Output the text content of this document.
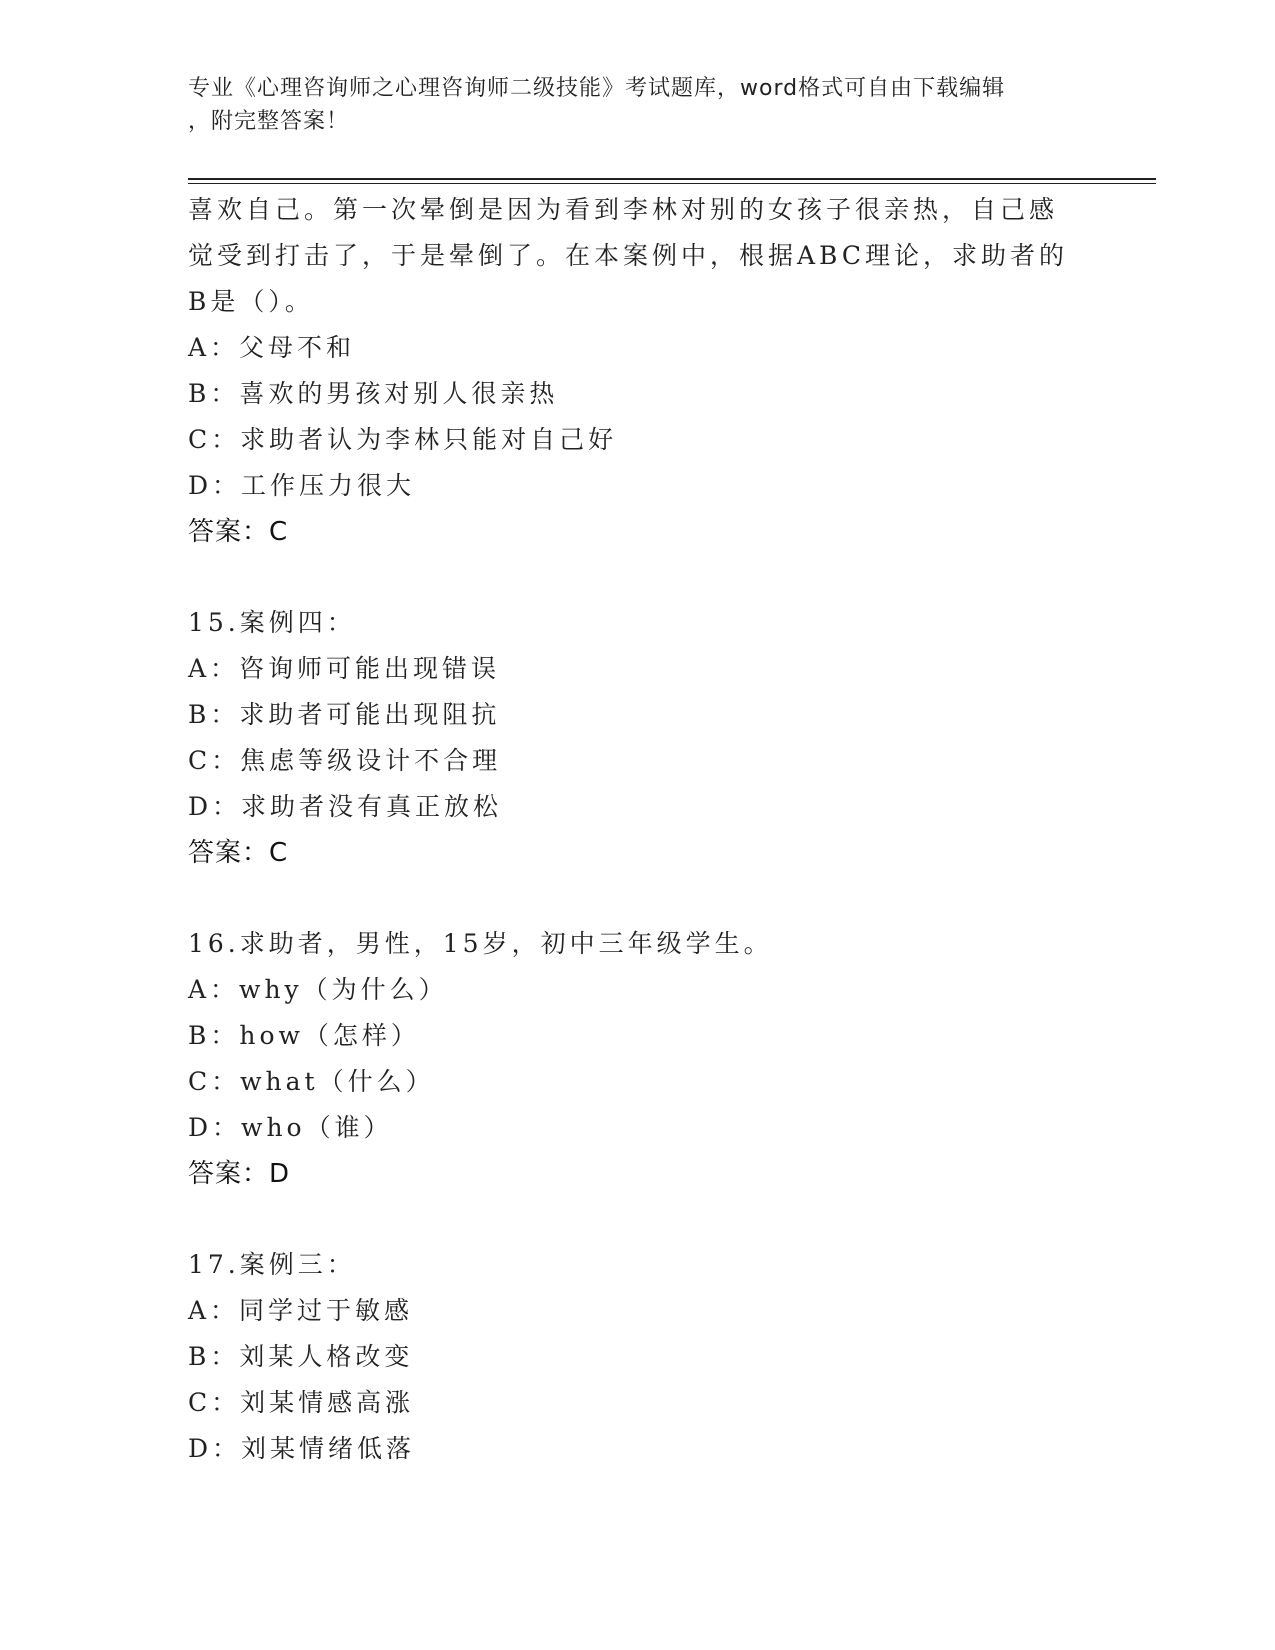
专业《心理咨询师之心理咨询师二级技能》考试题库，word格式可自由下载编辑
，附完整答案！
喜欢自己。第一次晕倒是因为看到李林对别的女孩子很亲热，自己感
觉受到打击了，于是晕倒了。在本案例中，根据ABC理论，求助者的
B是（）。
A：父母不和
B：喜欢的男孩对别人很亲热
C：求助者认为李林只能对自己好
D：工作压力很大
答案：C
15.案例四：
A：咨询师可能出现错误
B：求助者可能出现阻抗
C：焦虑等级设计不合理
D：求助者没有真正放松
答案：C
16.求助者，男性，15岁，初中三年级学生。
A：why（为什么）
B：how（怎样）
C：what（什么）
D：who（谁）
答案：D
17.案例三：
A：同学过于敏感
B：刘某人格改变
C：刘某情感高涨
D：刘某情绪低落
